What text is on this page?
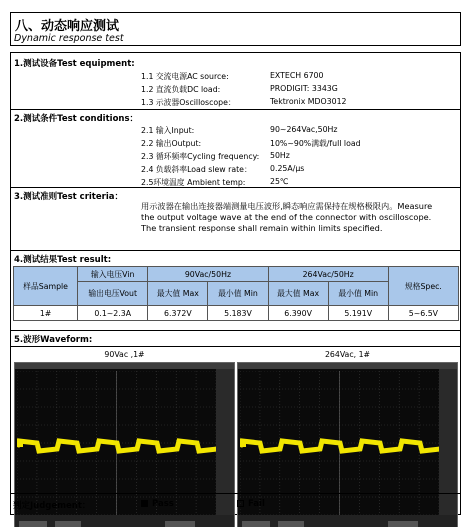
八、动态响应测试
Dynamic response test
1.测试设备Test equipment:
1.1 交流电源AC source:	EXTECH 6700
1.2 直流负载DC load:	PRODIGIT: 3343G
1.3 示波器Oscilloscope：	Tektronix MDO3012
2.测试条件Test conditions：
2.1 输入Input:	90~264Vac,50Hz
2.2 输出Output:	10%~90%满载/full load
2.3 循环频率Cycling frequency: 50Hz
2.4 负载斜率Load slew rate： 0.25A/μs
2.5环境温度 Ambient temp:	25℃
3.测试准则Test criteria：
用示波器在输出连接器端测量电压波形,瞬态响应需保持在规格极限内。Measure the output voltage wave at the end of the connector with oscilloscope. The transient response shall remain within limits specified.
4.测试结果Test result:
样品Sample	输入电压Vin	90Vac/50Hz		264Vac/50Hz		规格Spec.
	输出电压Vout	最大值 Max	最小值 Min	最大值 Max	最小值 Min	
1#	0.1~2.3A	6.372V	5.183V	6.390V	5.191V	5~6.5V
5.波形Waveform:
90Vac ,1#	264Vac, 1#
判定Judgement：	Pass	Fail
